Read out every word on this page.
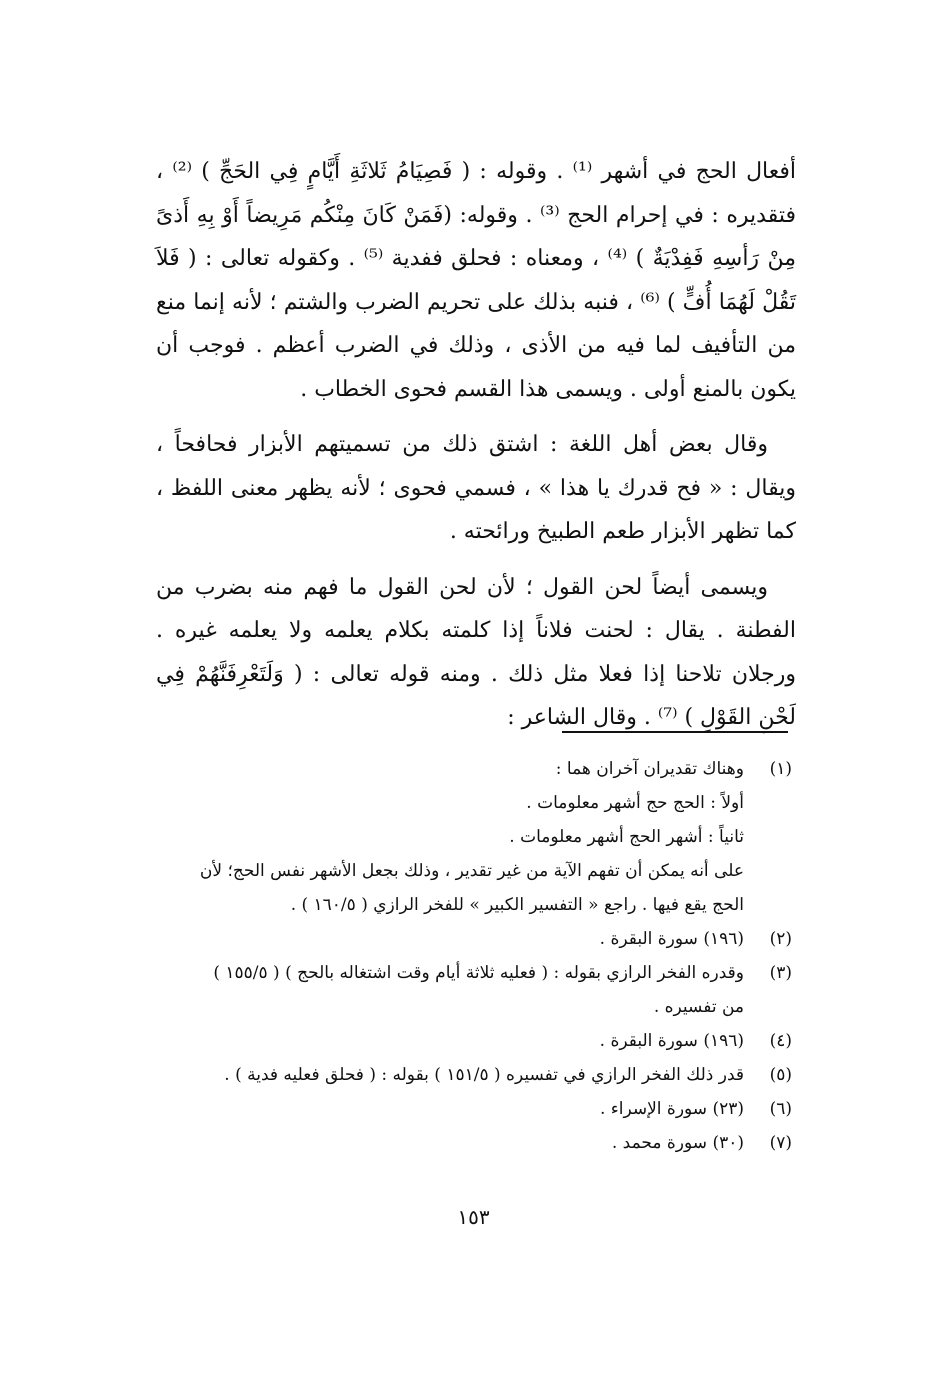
أفعال الحج في أشهر ⁽¹⁾ . وقوله : ( فَصِيَامُ ثَلاثَةِ أَيَّامٍ فِي الحَجِّ ) ⁽²⁾ ، فتقديره : في إحرام الحج ⁽³⁾ . وقوله: (فَمَنْ كَانَ مِنْكُم مَرِيضاً أَوْ بِهِ أَذىً مِنْ رَأسِهِ فَفِدْيَةٌ ) ⁽⁴⁾ ، ومعناه : فحلق ففدية ⁽⁵⁾ . وكقوله تعالى : ( فَلاَ تَقُلْ لَهُمَا أُفٍّ ) ⁽⁶⁾ ، فنبه بذلك على تحريم الضرب والشتم ؛ لأنه إنما منع من التأفيف لما فيه من الأذى ، وذلك في الضرب أعظم . فوجب أن يكون بالمنع أولى . ويسمى هذا القسم فحوى الخطاب .

وقال بعض أهل اللغة : اشتق ذلك من تسميتهم الأبزار فحافحاً ، ويقال : « فح قدرك يا هذا » ، فسمي فحوى ؛ لأنه يظهر معنى اللفظ ، كما تظهر الأبزار طعم الطبيخ ورائحته .

ويسمى أيضاً لحن القول ؛ لأن لحن القول ما فهم منه بضرب من الفطنة . يقال : لحنت فلاناً إذا كلمته بكلام يعلمه ولا يعلمه غيره . ورجلان تلاحنا إذا فعلا مثل ذلك . ومنه قوله تعالى : ( وَلَتَعْرِفَنَّهُمْ فِي لَحْنِ القَوْلِ ) ⁽⁷⁾ . وقال الشاعر :

(١)
وهناك تقديران آخران هما :
أولاً : الحج حج أشهر معلومات .
ثانياً : أشهر الحج أشهر معلومات .
على أنه يمكن أن تفهم الآية من غير تقدير ، وذلك بجعل الأشهر نفس الحج؛ لأن
الحج يقع فيها . راجع « التفسير الكبير » للفخر الرازي ( ١٦٠/٥ ) .
(٢)
(١٩٦) سورة البقرة .
(٣)
وقدره الفخر الرازي بقوله : ( فعليه ثلاثة أيام وقت اشتغاله بالحج ) ( ١٥٥/٥ )
من تفسيره .
(٤)
(١٩٦) سورة البقرة .
(٥)
قدر ذلك الفخر الرازي في تفسيره ( ١٥١/٥ ) بقوله : ( فحلق فعليه فدية ) .
(٦)
(٢٣) سورة الإسراء .
(٧)
(٣٠) سورة محمد .
١٥٣
